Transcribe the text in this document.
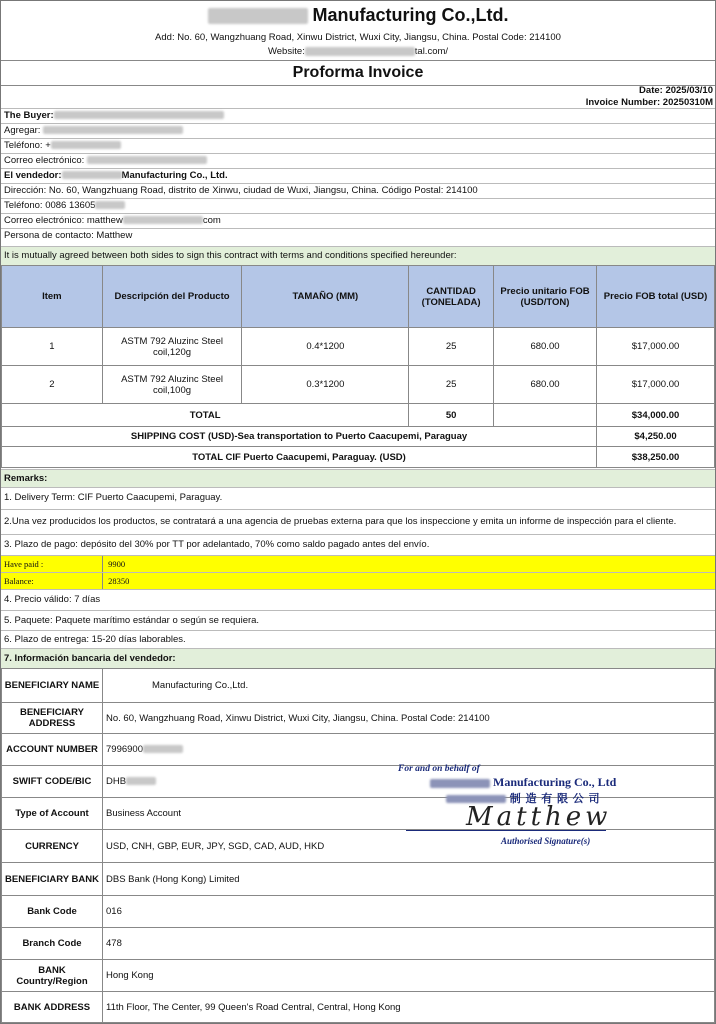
Manufacturing Co.,Ltd.
Add: No. 60, Wangzhuang Road, Xinwu District, Wuxi City, Jiangsu, China. Postal Code: 214100
Website:	tal.com/
Proforma Invoice
Date: 2025/03/10
Invoice Number: 20250310M
The Buyer:
Agregar:
Teléfono: +
Correo electrónico:
El vendedor:	Manufacturing Co., Ltd.
Dirección: No. 60, Wangzhuang Road, distrito de Xinwu, ciudad de Wuxi, Jiangsu, China. Código Postal: 214100
Teléfono: 0086 13605
Correo electrónico: matthew	com
Persona de contacto: Matthew
It is mutually agreed between both sides to sign this contract with terms and conditions specified hereunder:
Item	Descripción del Producto	TAMAÑO (MM)	CANTIDAD (TONELADA)	Precio unitario FOB (USD/TON)	Precio FOB total (USD)
1	ASTM 792 Aluzinc Steel coil,120g	0.4*1200	25	680.00	$17,000.00
2	ASTM 792 Aluzinc Steel coil,100g	0.3*1200	25	680.00	$17,000.00
TOTAL			50		$34,000.00
SHIPPING COST (USD)-Sea transportation to Puerto Caacupemi, Paraguay					$4,250.00
TOTAL CIF Puerto Caacupemi, Paraguay. (USD)					$38,250.00
Remarks:
1. Delivery Term: CIF Puerto Caacupemi, Paraguay.
2.Una vez producidos los productos, se contratará a una agencia de pruebas externa para que los inspeccione y emita un informe de inspección para el cliente.
3. Plazo de pago: depósito del 30% por TT por adelantado, 70% como saldo pagado antes del envío.
Have paid :	9900
Balance:	28350
4. Precio válido: 7 días
5. Paquete: Paquete marítimo estándar o según se requiera.
6. Plazo de entrega: 15-20 días laborables.
7. Información bancaria del vendedor:
BENEFICIARY NAME	Manufacturing Co.,Ltd.
BENEFICIARY ADDRESS	No. 60, Wangzhuang Road, Xinwu District, Wuxi City, Jiangsu, China. Postal Code: 214100
ACCOUNT NUMBER	7996900
SWIFT CODE/BIC	DHB
Type of Account	Business Account
CURRENCY	USD, CNH, GBP, EUR, JPY, SGD, CAD, AUD, HKD
BENEFICIARY BANK	DBS Bank (Hong Kong) Limited
Bank Code	016
Branch Code	478
BANK Country/Region	Hong Kong
BANK ADDRESS	11th Floor, The Center, 99 Queen's Road Central, Central, Hong Kong
For and on behalf of
Manufacturing Co., Ltd
制 造 有 限 公 司
Matthew
Authorised Signature(s)
